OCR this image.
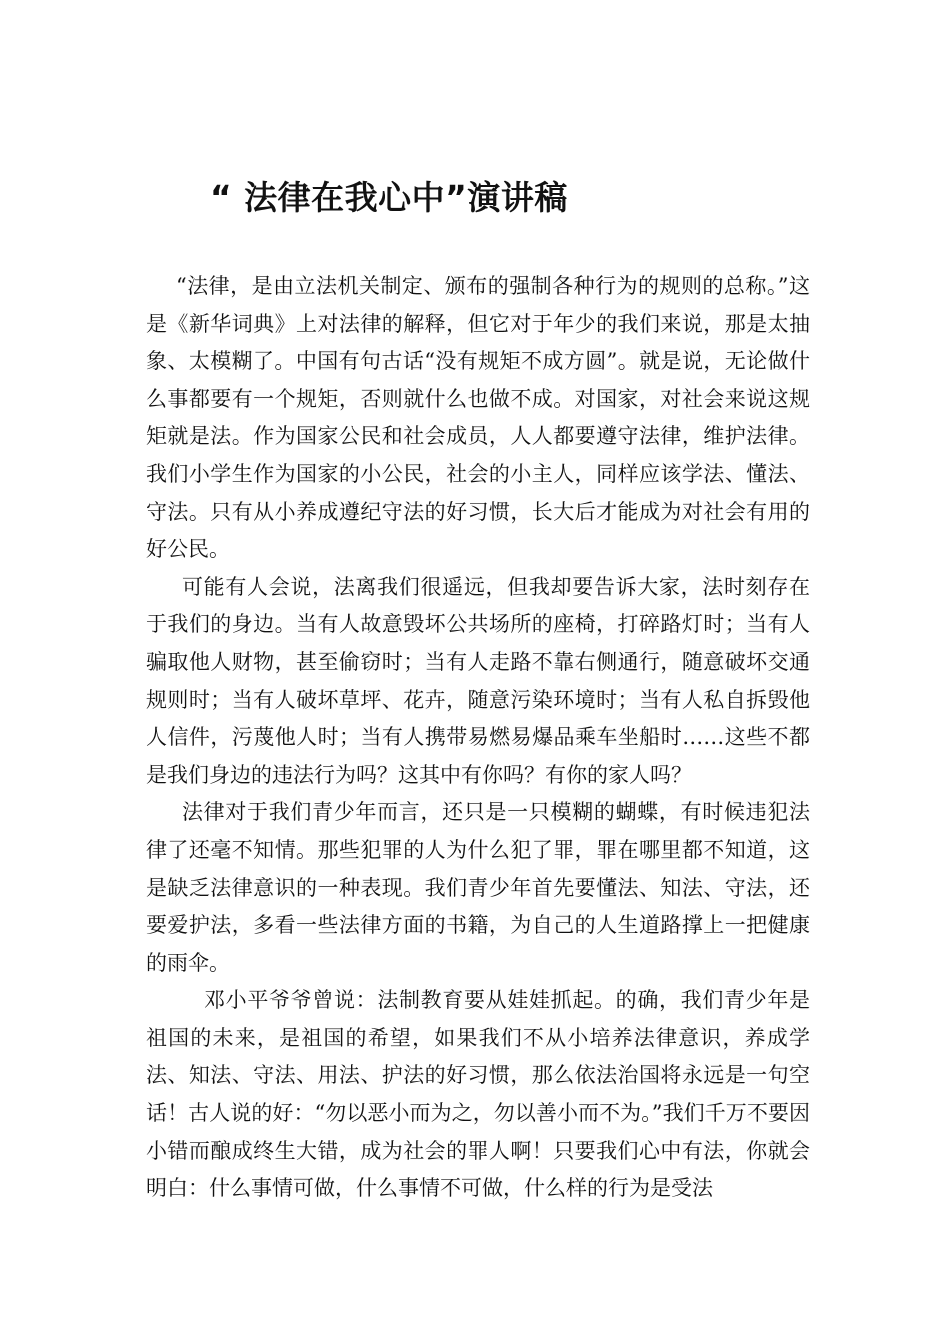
“ 法律在我心中”演讲稿

“法律，是由立法机关制定、颁布的强制各种行为的规则的总称。”这是《新华词典》上对法律的解释，但它对于年少的我们来说，那是太抽象、太模糊了。中国有句古话“没有规矩不成方圆”。就是说，无论做什么事都要有一个规矩，否则就什么也做不成。对国家，对社会来说这规矩就是法。作为国家公民和社会成员，人人都要遵守法律，维护法律。我们小学生作为国家的小公民，社会的小主人，同样应该学法、懂法、守法。只有从小养成遵纪守法的好习惯，长大后才能成为对社会有用的好公民。

可能有人会说，法离我们很遥远，但我却要告诉大家，法时刻存在于我们的身边。当有人故意毁坏公共场所的座椅，打碎路灯时；当有人骗取他人财物，甚至偷窃时；当有人走路不靠右侧通行，随意破坏交通规则时；当有人破坏草坪、花卉，随意污染环境时；当有人私自拆毁他人信件，污蔑他人时；当有人携带易燃易爆品乘车坐船时……这些不都是我们身边的违法行为吗？这其中有你吗？有你的家人吗？

法律对于我们青少年而言，还只是一只模糊的蝴蝶，有时候违犯法律了还毫不知情。那些犯罪的人为什么犯了罪，罪在哪里都不知道，这是缺乏法律意识的一种表现。我们青少年首先要懂法、知法、守法，还要爱护法，多看一些法律方面的书籍，为自己的人生道路撑上一把健康的雨伞。

邓小平爷爷曾说：法制教育要从娃娃抓起。的确，我们青少年是祖国的未来，是祖国的希望，如果我们不从小培养法律意识，养成学法、知法、守法、用法、护法的好习惯，那么依法治国将永远是一句空话！古人说的好：“勿以恶小而为之，勿以善小而不为。”我们千万不要因小错而酿成终生大错，成为社会的罪人啊！只要我们心中有法，你就会明白：什么事情可做，什么事情不可做，什么样的行为是受法
